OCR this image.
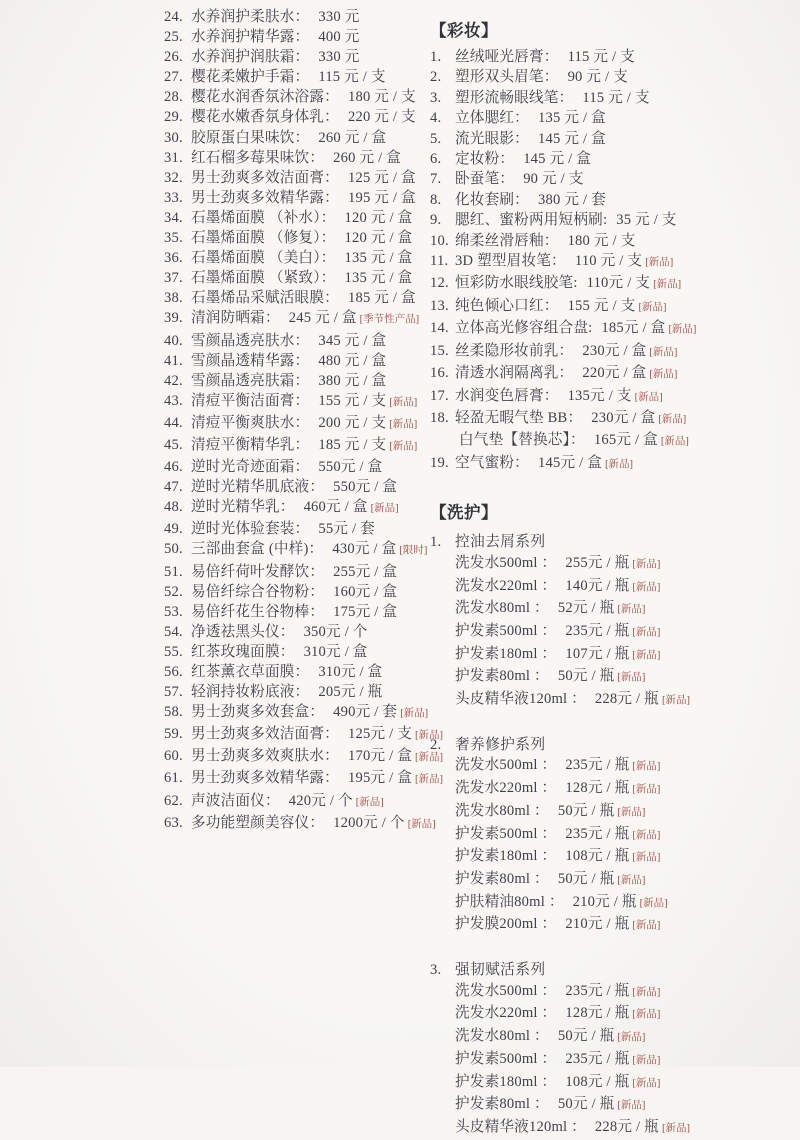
24. 水养润护柔肤水： 330 元
25. 水养润护精华露： 400 元
26. 水养润护润肤霜： 330 元
27. 樱花柔嫩护手霜： 115 元 / 支
28. 樱花水润香氛沐浴露： 180 元 / 支
29. 樱花水嫩香氛身体乳： 220 元 / 支
30. 胶原蛋白果味饮： 260 元 / 盒
31. 红石榴多莓果味饮： 260 元 / 盒
32. 男士劲爽多效洁面膏： 125 元 / 盒
33. 男士劲爽多效精华露： 195 元 / 盒
34. 石墨烯面膜 （补水）： 120 元 / 盒
35. 石墨烯面膜 （修复）： 120 元 / 盒
36. 石墨烯面膜 （美白）： 135 元 / 盒
37. 石墨烯面膜 （紧致）： 135 元 / 盒
38. 石墨烯品采赋活眼膜： 185 元 / 盒
39. 清润防晒霜： 245 元 / 盒 [季节性产品]
40. 雪颜晶透亮肤水： 345 元 / 盒
41. 雪颜晶透精华露： 480 元 / 盒
42. 雪颜晶透亮肤霜： 380 元 / 盒
43. 清痘平衡洁面膏： 155 元 / 支 [新品]
44. 清痘平衡爽肤水： 200 元 / 支 [新品]
45. 清痘平衡精华乳： 185 元 / 支 [新品]
46. 逆时光奇迹面霜： 550元 / 盒
47. 逆时光精华肌底液： 550元 / 盒
48. 逆时光精华乳： 460元 / 盒 [新品]
49. 逆时光体验套装： 55元 / 套
50. 三部曲套盒 (中样)： 430元 / 盒 [限时]
51. 易倍纤荷叶发酵饮： 255元 / 盒
52. 易倍纤综合谷物粉： 160元 / 盒
53. 易倍纤花生谷物棒： 175元 / 盒
54. 净透祛黑头仪： 350元 / 个
55. 红茶玫瑰面膜： 310元 / 盒
56. 红茶薰衣草面膜： 310元 / 盒
57. 轻润持妆粉底液： 205元 / 瓶
58. 男士劲爽多效套盒： 490元 / 套 [新品]
59. 男士劲爽多效洁面膏： 125元 / 支 [新品]
60. 男士劲爽多效爽肤水： 170元 / 盒 [新品]
61. 男士劲爽多效精华露： 195元 / 盒 [新品]
62. 声波洁面仪： 420元 / 个 [新品]
63. 多功能塑颜美容仪： 1200元 / 个 [新品]
【彩妆】
1. 丝绒哑光唇膏： 115 元 / 支
2. 塑形双头眉笔： 90 元 / 支
3. 塑形流畅眼线笔： 115 元 / 支
4. 立体腮红： 135 元 / 盒
5. 流光眼影： 145 元 / 盒
6. 定妆粉： 145 元 / 盒
7. 卧蚕笔： 90 元 / 支
8. 化妆套刷： 380 元 / 套
9. 腮红、蜜粉两用短柄刷: 35 元 / 支
10. 绵柔丝滑唇釉： 180 元 / 支
11. 3D 塑型眉妆笔： 110 元 / 支 [新品]
12. 恒彩防水眼线胶笔: 110元 / 支 [新品]
13. 纯色倾心口红： 155 元 / 支 [新品]
14. 立体高光修容组合盘: 185元 / 盒 [新品]
15. 丝柔隐形妆前乳： 230元 / 盒 [新品]
16. 清透水润隔离乳： 220元 / 盒 [新品]
17. 水润变色唇膏： 135元 / 支 [新品]
18. 轻盈无暇气垫 BB： 230元 / 盒 [新品]
白气垫【替换芯】： 165元 / 盒 [新品]
19. 空气蜜粉： 145元 / 盒 [新品]
【洗护】
1. 控油去屑系列
洗发水500ml ： 255元 / 瓶 [新品]
洗发水220ml ： 140元 / 瓶 [新品]
洗发水80ml ： 52元 / 瓶 [新品]
护发素500ml ： 235元 / 瓶 [新品]
护发素180ml ： 107元 / 瓶 [新品]
护发素80ml ： 50元 / 瓶 [新品]
头皮精华液120ml ： 228元 / 瓶 [新品]
2. 奢养修护系列
洗发水500ml ： 235元 / 瓶 [新品]
洗发水220ml ： 128元 / 瓶 [新品]
洗发水80ml ： 50元 / 瓶 [新品]
护发素500ml ： 235元 / 瓶 [新品]
护发素180ml ： 108元 / 瓶 [新品]
护发素80ml ： 50元 / 瓶 [新品]
护肤精油80ml ： 210元 / 瓶 [新品]
护发膜200ml ： 210元 / 瓶 [新品]
3. 强韧赋活系列
洗发水500ml ： 235元 / 瓶 [新品]
洗发水220ml ： 128元 / 瓶 [新品]
洗发水80ml ： 50元 / 瓶 [新品]
护发素500ml ： 235元 / 瓶 [新品]
护发素180ml ： 108元 / 瓶 [新品]
护发素80ml ： 50元 / 瓶 [新品]
头皮精华液120ml ： 228元 / 瓶 [新品]
